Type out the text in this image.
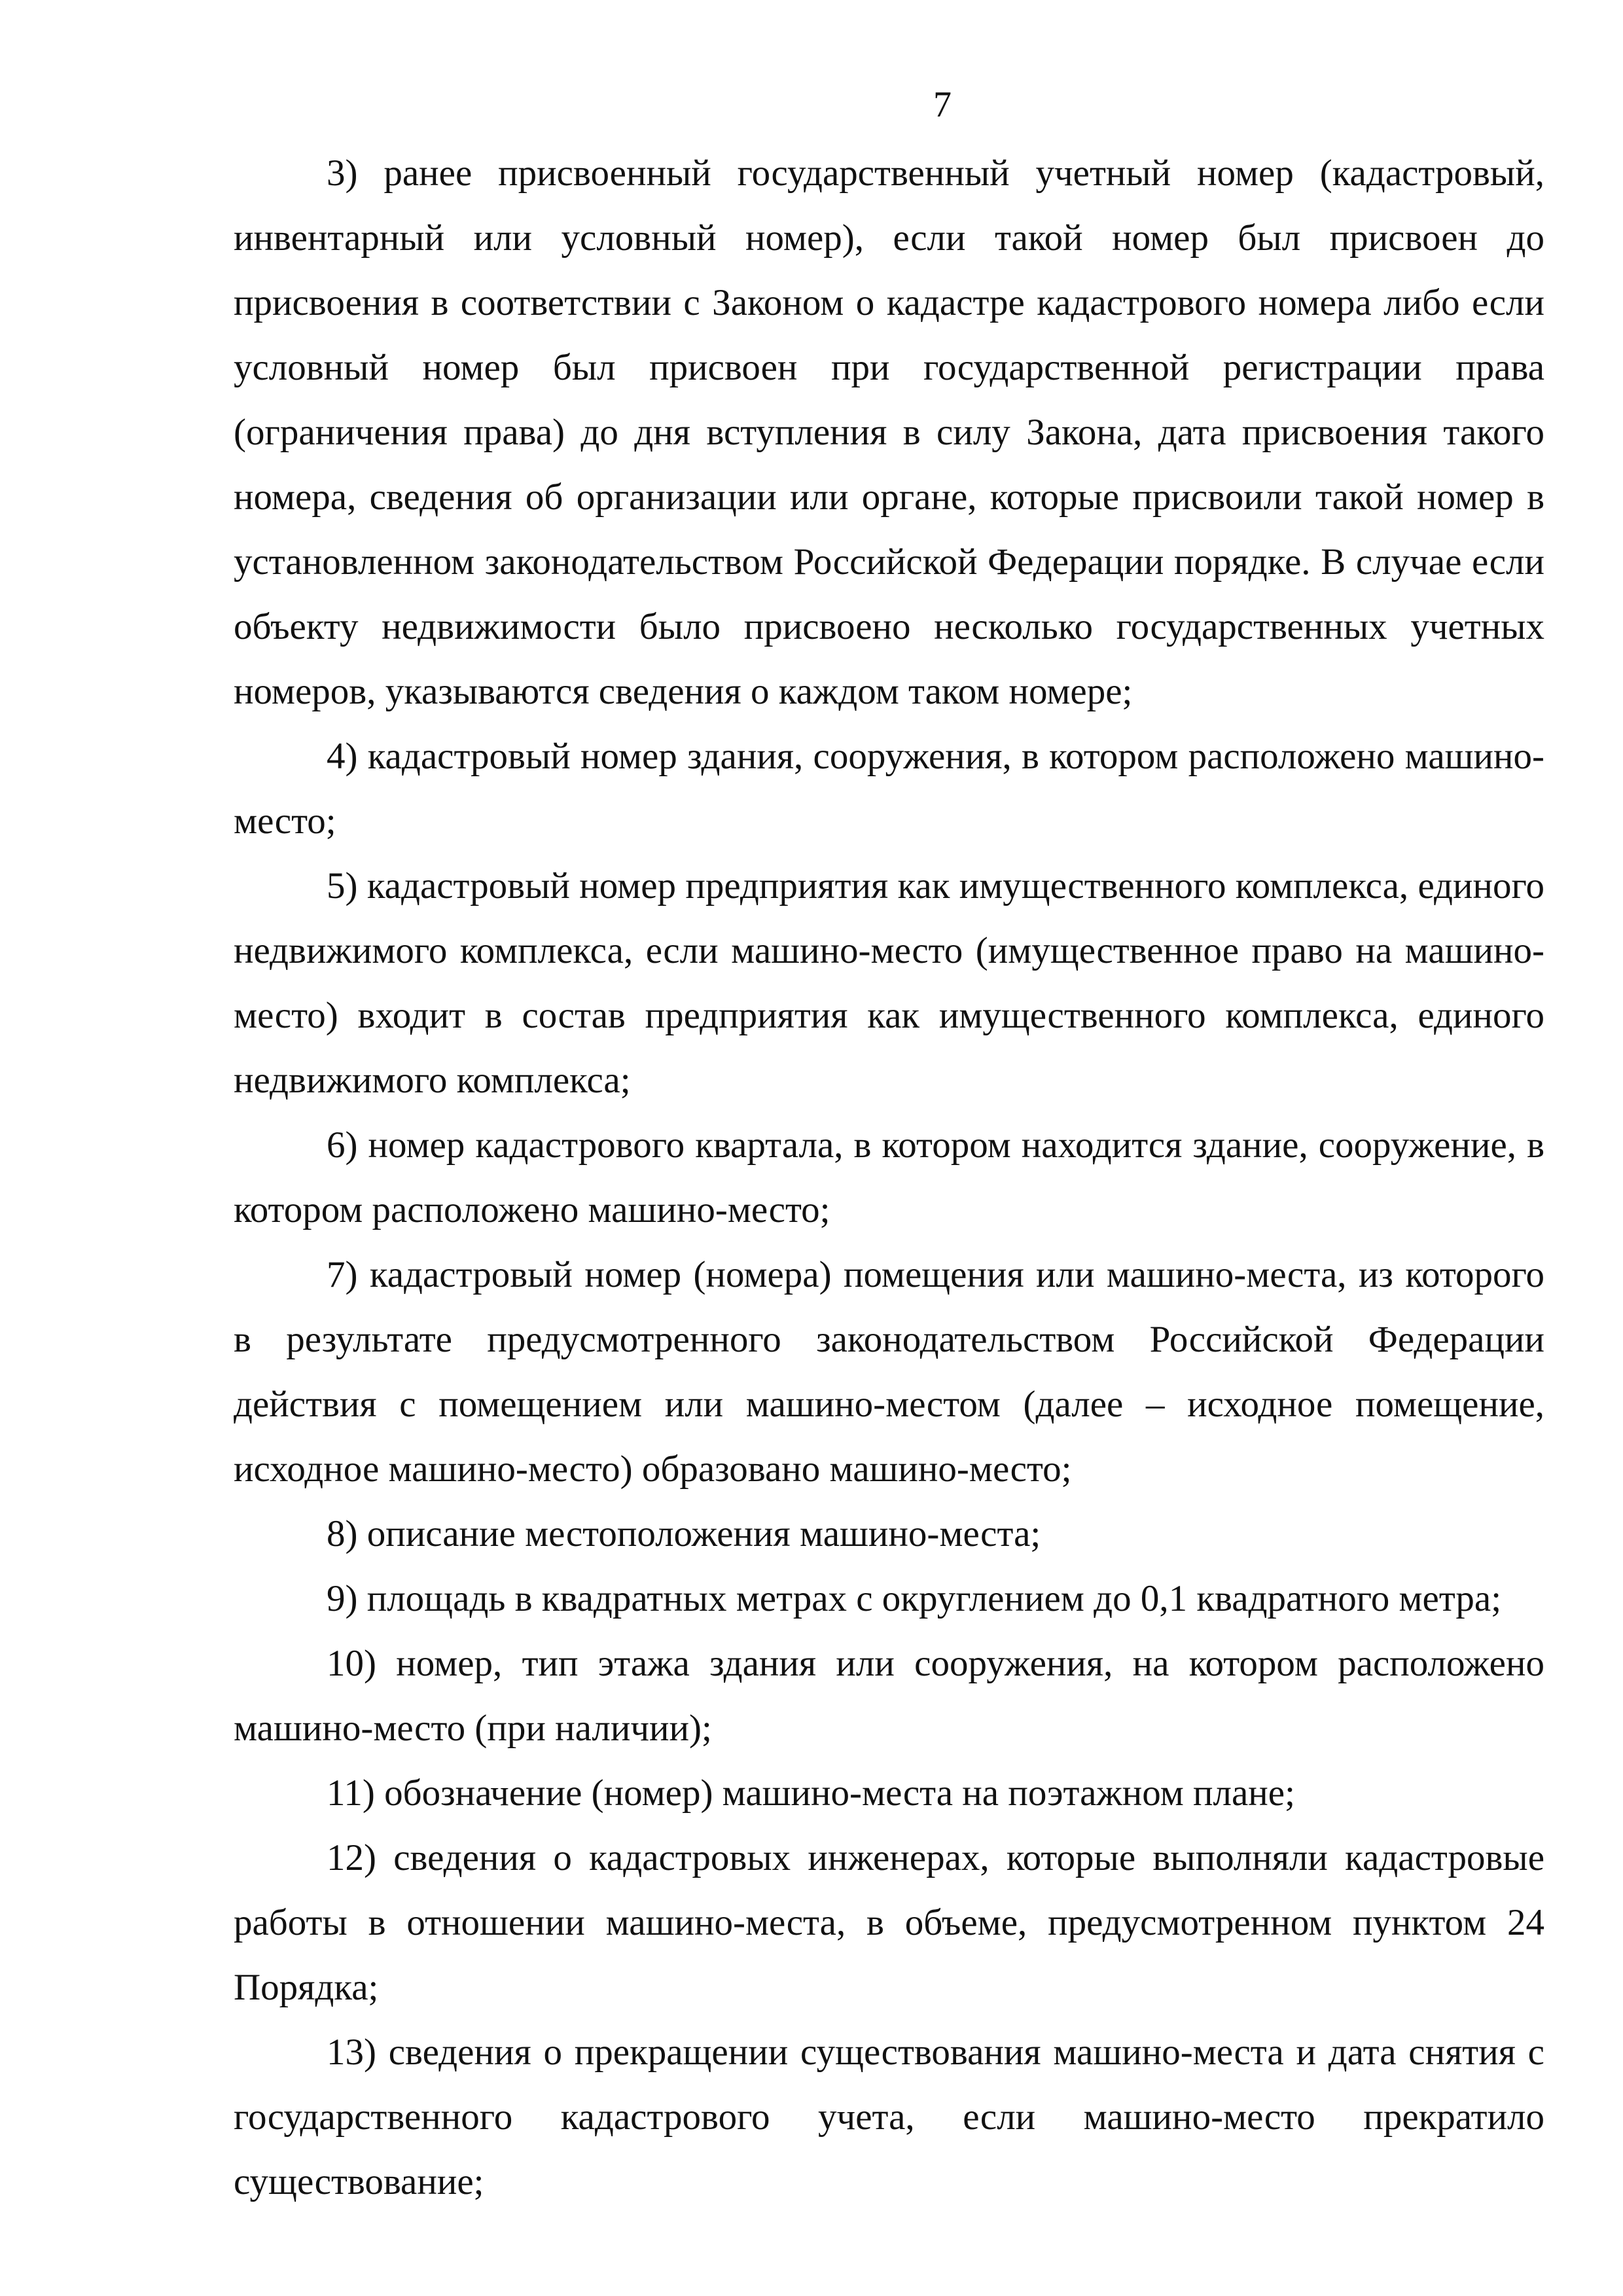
7

3) ранее присвоенный государственный учетный номер (кадастровый, инвентарный или условный номер), если такой номер был присвоен до присвоения в соответствии с Законом о кадастре кадастрового номера либо если условный номер был присвоен при государственной регистрации права (ограничения права) до дня вступления в силу Закона, дата присвоения такого номера, сведения об организации или органе, которые присвоили такой номер в установленном законодательством Российской Федерации порядке. В случае если объекту недвижимости было присвоено несколько государственных учетных номеров, указываются сведения о каждом таком номере;

4) кадастровый номер здания, сооружения, в котором расположено машино-место;

5) кадастровый номер предприятия как имущественного комплекса, единого недвижимого комплекса, если машино-место (имущественное право на машино-место) входит в состав предприятия как имущественного комплекса, единого недвижимого комплекса;

6) номер кадастрового квартала, в котором находится здание, сооружение, в котором расположено машино-место;

7) кадастровый номер (номера) помещения или машино-места, из которого в результате предусмотренного законодательством Российской Федерации действия с помещением или машино-местом (далее – исходное помещение, исходное машино-место) образовано машино-место;

8) описание местоположения машино-места;

9) площадь в квадратных метрах с округлением до 0,1 квадратного метра;

10) номер, тип этажа здания или сооружения, на котором расположено машино-место (при наличии);

11) обозначение (номер) машино-места на поэтажном плане;

12) сведения о кадастровых инженерах, которые выполняли кадастровые работы в отношении машино-места, в объеме, предусмотренном пунктом 24 Порядка;

13) сведения о прекращении существования машино-места и дата снятия с государственного кадастрового учета, если машино-место прекратило существование;
